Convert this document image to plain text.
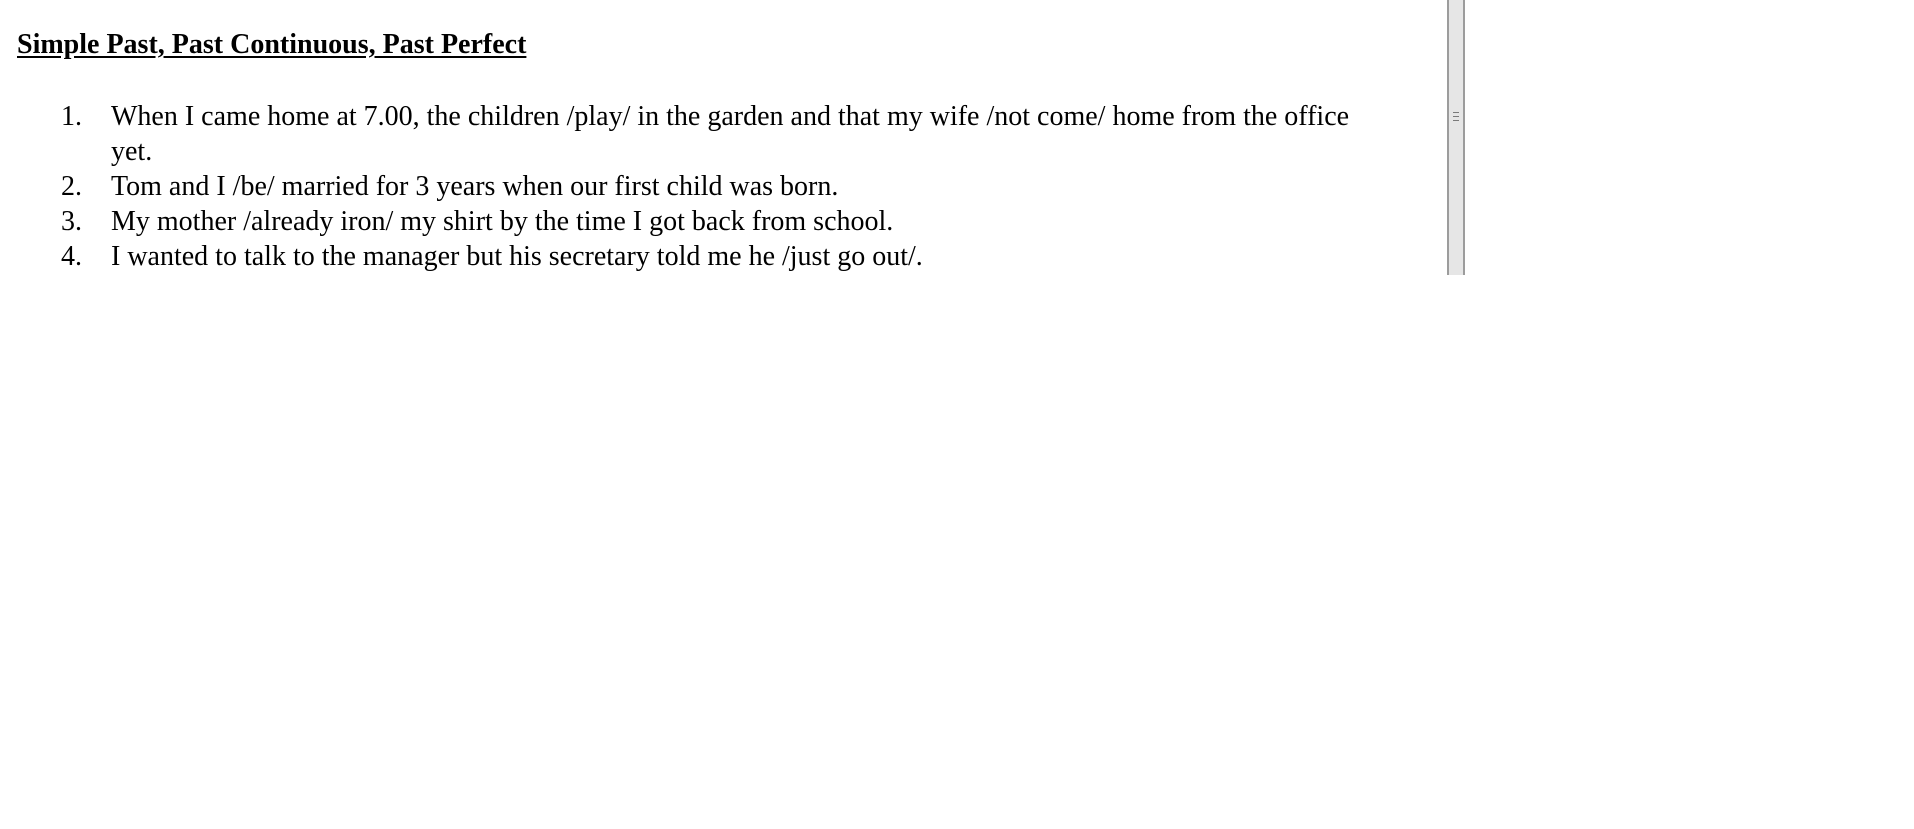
Simple Past, Past Continuous, Past Perfect
1. When I came home at 7.00, the children /play/ in the garden and that my wife /not come/ home from the office yet.
2. Tom and I /be/ married for 3 years when our first child was born.
3. My mother /already iron/ my shirt by the time I got back from school.
4. I wanted to talk to the manager but his secretary told me he /just go out/.
